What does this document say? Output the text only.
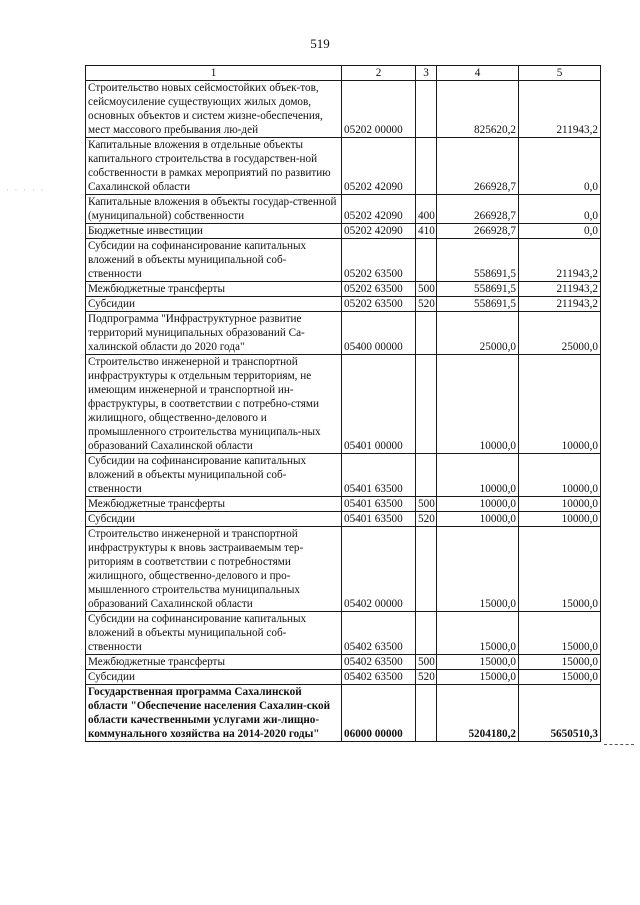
519
· · · · ·
1	2	3	4	5
Строительство новых сейсмостойких объек-тов, сейсмоусиление существующих жилых домов, основных объектов и систем жизне-обеспечения, мест массового пребывания лю-дей	05202 00000		825620,2	211943,2
Капитальные вложения в отдельные объекты капитального строительства в государствен-ной собственности в рамках мероприятий по развитию Сахалинской области	05202 42090		266928,7	0,0
Капитальные вложения в объекты государ-ственной (муниципальной) собственности	05202 42090	400	266928,7	0,0
Бюджетные инвестиции	05202 42090	410	266928,7	0,0
Субсидии на софинансирование капитальных вложений в объекты муниципальной соб-ственности	05202 63500		558691,5	211943,2
Межбюджетные трансферты	05202 63500	500	558691,5	211943,2
Субсидии	05202 63500	520	558691,5	211943,2
Подпрограмма "Инфраструктурное развитие территорий муниципальных образований Са-халинской области до 2020 года"	05400 00000		25000,0	25000,0
Строительство инженерной и транспортной инфраструктуры к отдельным территориям, не имеющим инженерной и транспортной ин-фраструктуры, в соответствии с потребно-стями жилищного, общественно-делового и промышленного строительства муниципаль-ных образований Сахалинской области	05401 00000		10000,0	10000,0
Субсидии на софинансирование капитальных вложений в объекты муниципальной соб-ственности	05401 63500		10000,0	10000,0
Межбюджетные трансферты	05401 63500	500	10000,0	10000,0
Субсидии	05401 63500	520	10000,0	10000,0
Строительство инженерной и транспортной инфраструктуры к вновь застраиваемым тер-риториям в соответствии с потребностями жилищного, общественно-делового и про-мышленного строительства муниципальных образований Сахалинской области	05402 00000		15000,0	15000,0
Субсидии на софинансирование капитальных вложений в объекты муниципальной соб-ственности	05402 63500		15000,0	15000,0
Межбюджетные трансферты	05402 63500	500	15000,0	15000,0
Субсидии	05402 63500	520	15000,0	15000,0
Государственная программа Сахалинской области "Обеспечение населения Сахалин-ской области качественными услугами жи-лищно-коммунального хозяйства на 2014-2020 годы"	06000 00000		5204180,2	5650510,3
